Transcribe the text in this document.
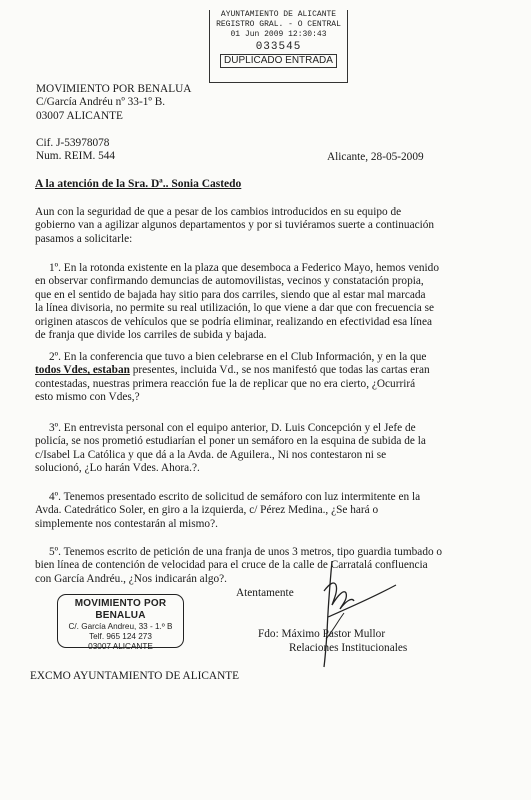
AYUNTAMIENTO DE ALICANTE
REGISTRO GRAL. - O CENTRAL
01 Jun 2009 12:30:43
033545
DUPLICADO ENTRADA
MOVIMIENTO POR BENALUA
C/García Andréu nº 33-1º B.
03007 ALICANTE
Cif. J-53978078
Num. REIM. 544	Alicante, 28-05-2009
A la atención de la Sra. Dª.. Sonia Castedo
Aun con la seguridad de que a pesar de los cambios introducidos en su equipo de
gobierno van a agilizar algunos departamentos y por si tuviéramos suerte a continuación
pasamos a solicitarle:
1º. En la rotonda existente en la plaza que desemboca a Federico Mayo, hemos venido
en observar confirmando demuncias de automovilistas, vecinos y constatación propia,
que en el sentido de bajada hay sitio para dos carriles, siendo que al estar mal marcada
la línea divisoria, no permite su real utilización, lo que viene a dar que con frecuencia se
originen atascos de vehículos que se podría eliminar, realizando en efectividad esa línea
de franja que divide los carriles de subida y bajada.
2º. En la conferencia que tuvo a bien celebrarse en el Club Información, y en la que
todos Vdes, estaban presentes, incluida Vd., se nos manifestó que todas las cartas eran
contestadas, nuestras primera reacción fue la de replicar que no era cierto, ¿Ocurrirá
esto mismo con Vdes,?
3º. En entrevista personal con el equipo anterior, D. Luis Concepción y el Jefe de
policía, se nos prometió estudiarían el poner un semáforo en la esquina de subida de la
c/Isabel La Católica y que dá a la Avda. de Aguilera., Ni nos contestaron ni se
solucionó, ¿Lo harán Vdes. Ahora.?.
4º. Tenemos presentado escrito de solicitud de semáforo con luz intermitente en la
Avda. Catedrático Soler, en giro a la izquierda, c/ Pérez Medina., ¿Se hará o
simplemente nos contestarán al mismo?.
5º. Tenemos escrito de petición de una franja de unos 3 metros, tipo guardia tumbado o
bien línea de contención de velocidad para el cruce de la calle de Carratalá confluencia
con García Andréu., ¿Nos indicarán algo?.
Atentamente
MOVIMIENTO POR BENALUA
C/. García Andreu, 33 - 1.º B
Telf. 965 124 273
03007 ALICANTE
Fdo: Máximo Pastor Mullor
Relaciones Institucionales
EXCMO AYUNTAMIENTO DE ALICANTE
